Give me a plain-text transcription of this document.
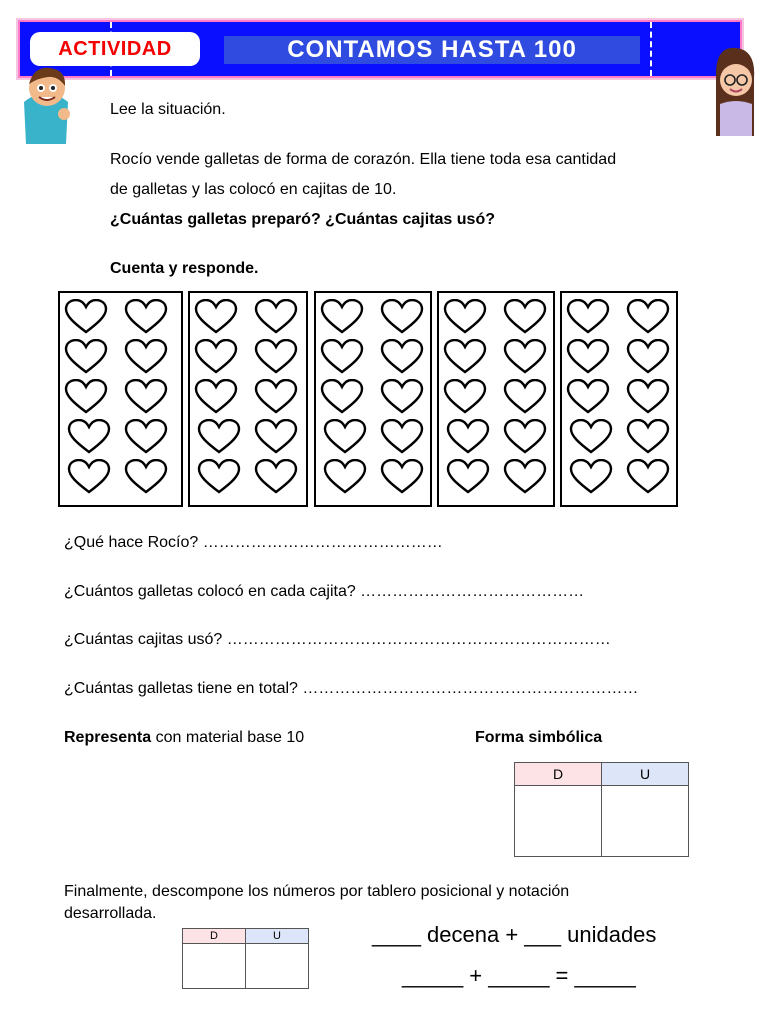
ACTIVIDAD	CONTAMOS HASTA 100
Lee la situación.
Rocío vende galletas de forma de corazón. Ella tiene toda esa cantidad
de galletas y las colocó en cajitas de 10.
¿Cuántas galletas preparó? ¿Cuántas cajitas usó?
Cuenta y responde.
¿Qué hace Rocío? ………………………………………
¿Cuántos galletas colocó en cada cajita? ……………………………………
¿Cuántas cajitas usó? ………………………………………………………………
¿Cuántas galletas tiene en total? ………………………………………………………
Representa con material base 10	Forma simbólica
D	U

Finalmente, descompone los números por tablero posicional y notación
desarrollada.
D	U
		____ decena + ___ unidades
_____ + _____ = _____
